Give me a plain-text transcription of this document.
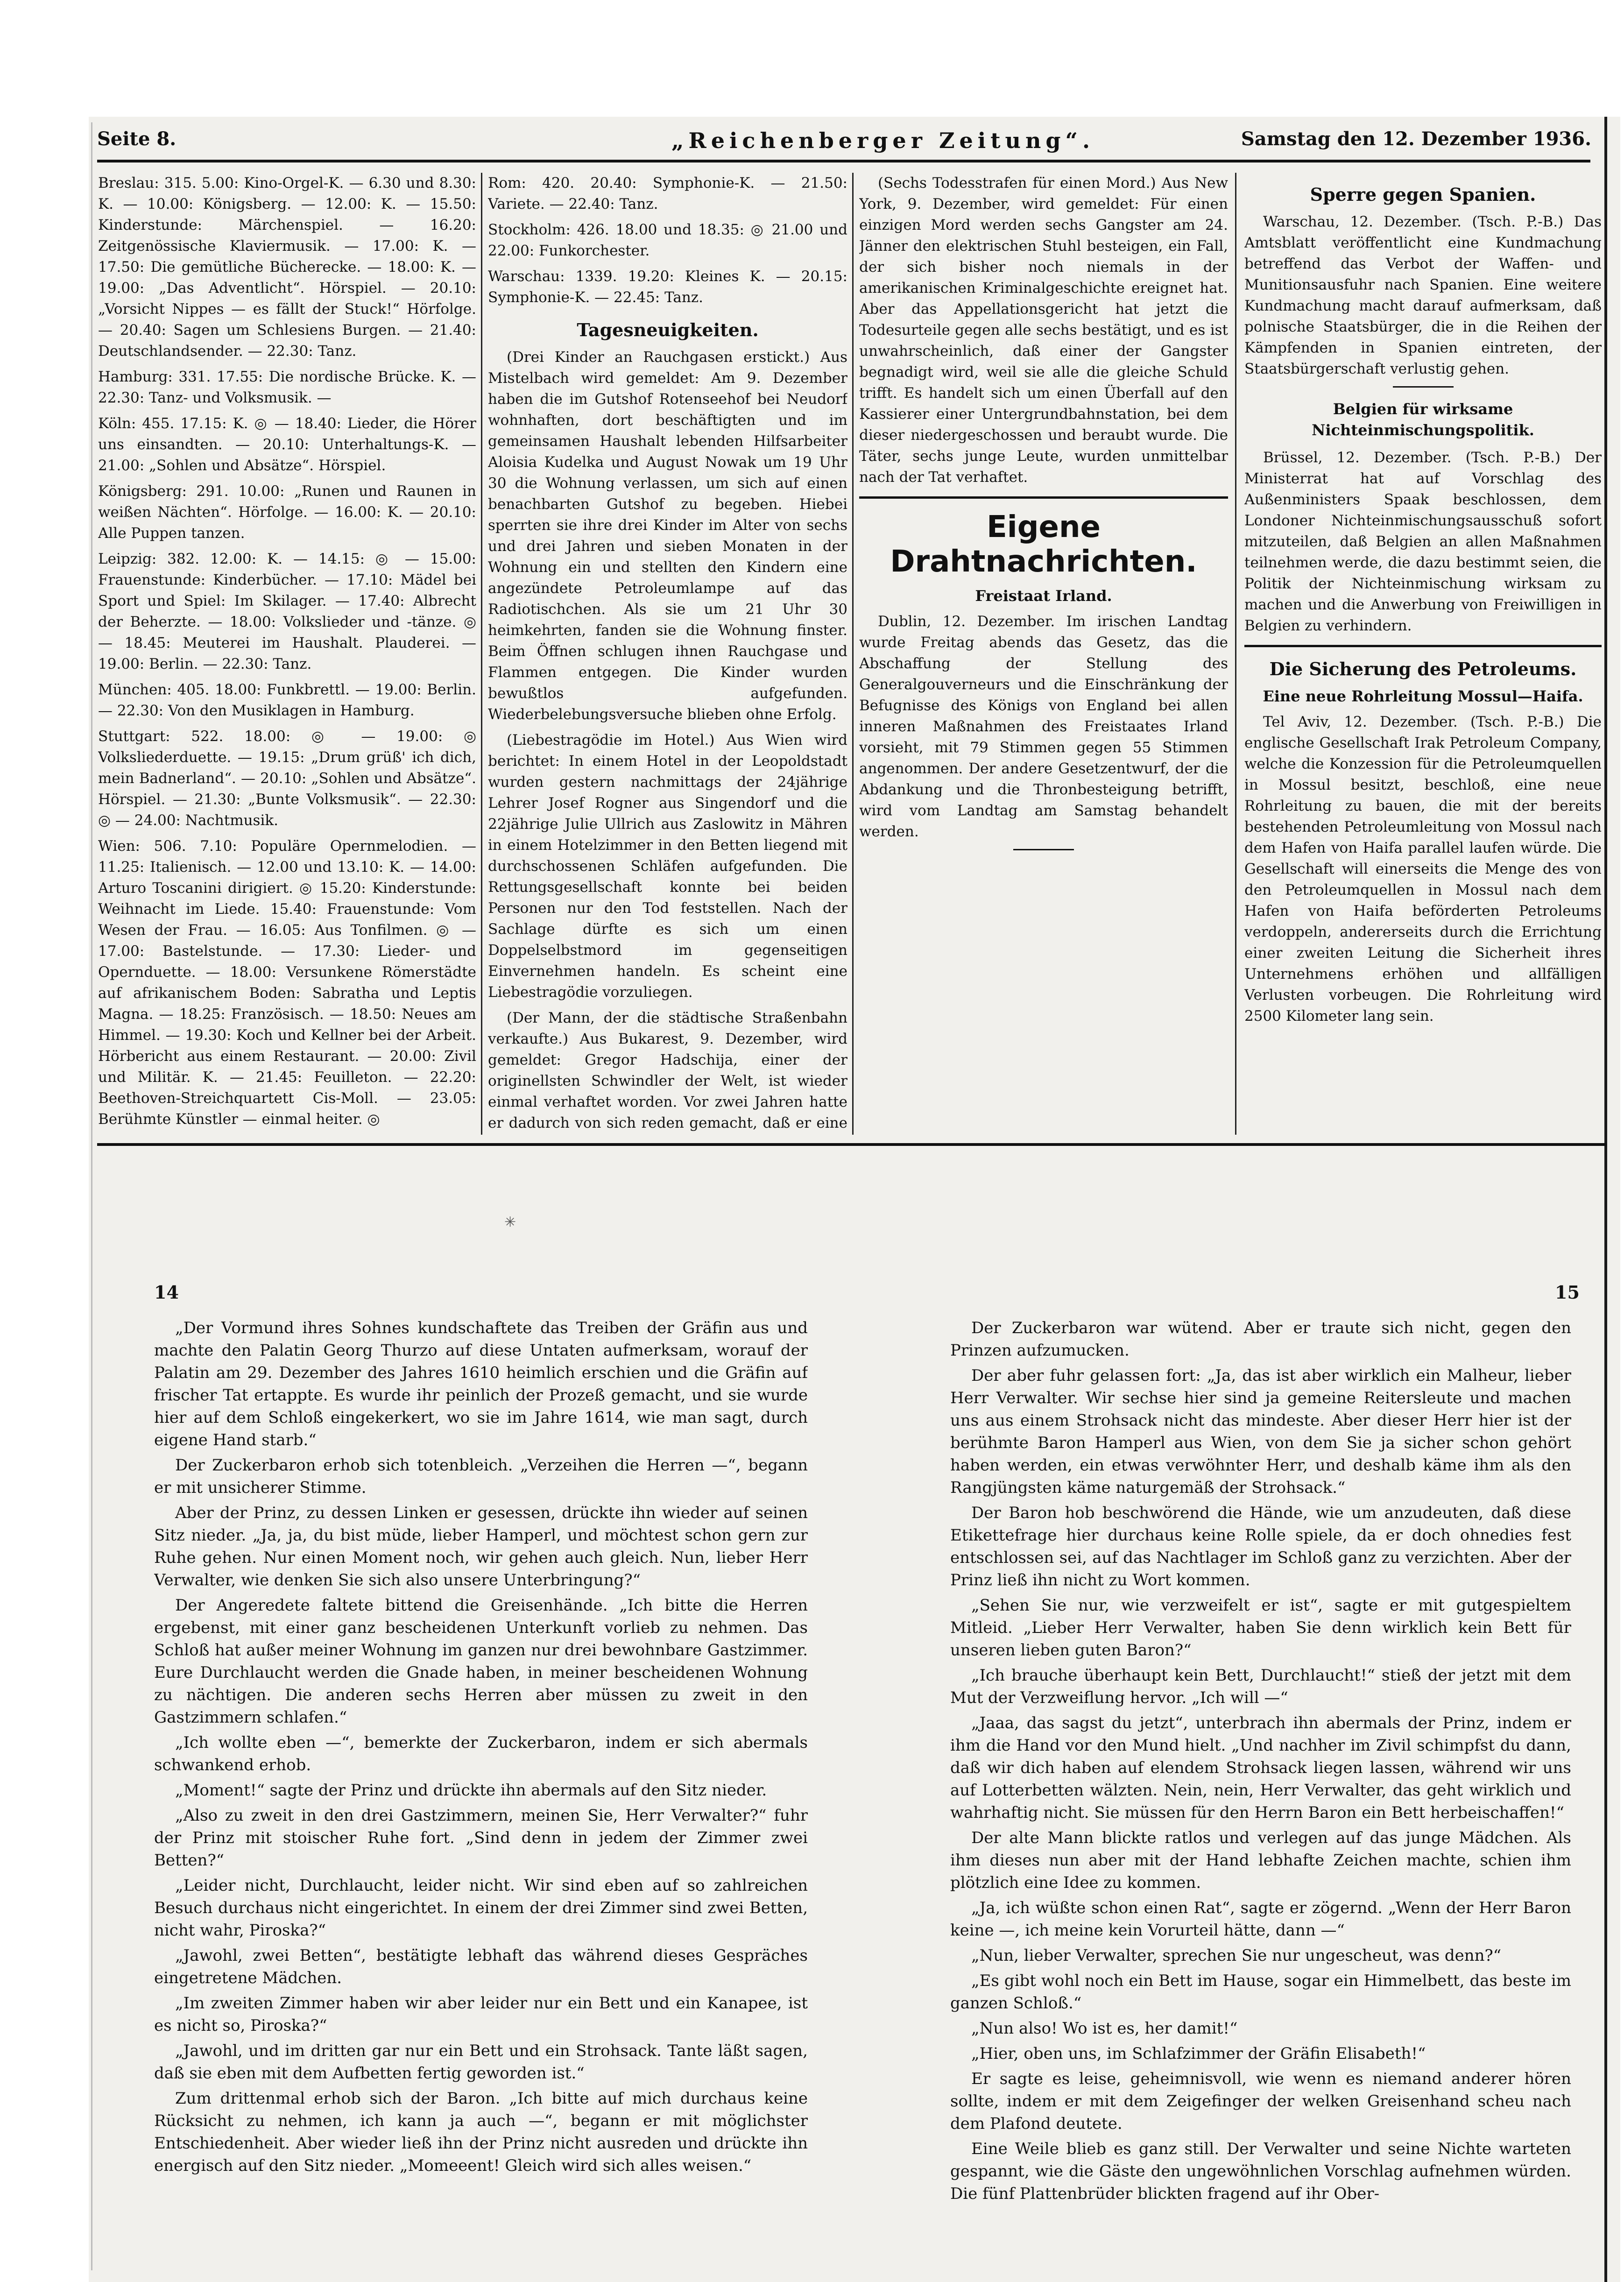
Seite 8.	„Reichenberger Zeitung“.	Samstag den 12. Dezember 1936.

Breslau: 315. 5.00: Kino-Orgel-K. — 6.30 und 8.30: K. — 10.00: Königsberg. — 12.00: K. — 15.50: Kinderstunde: Märchenspiel. — 16.20: Zeitgenössische Klaviermusik. — 17.00: K. — 17.50: Die gemütliche Bücherecke. — 18.00: K. — 19.00: „Das Adventlicht“. Hörspiel. — 20.10: „Vorsicht Nippes — es fällt der Stuck!“ Hörfolge. — 20.40: Sagen um Schlesiens Burgen. — 21.40: Deutschlandsender. — 22.30: Tanz.

Hamburg: 331. 17.55: Die nordische Brücke. K. — 22.30: Tanz- und Volksmusik. —

Köln: 455. 17.15: K. ◎ — 18.40: Lieder, die Hörer uns einsandten. — 20.10: Unterhaltungs-K. — 21.00: „Sohlen und Absätze“. Hörspiel.

Königsberg: 291. 10.00: „Runen und Raunen in weißen Nächten“. Hörfolge. — 16.00: K. — 20.10: Alle Puppen tanzen.

Leipzig: 382. 12.00: K. — 14.15: ◎ — 15.00: Frauenstunde: Kinderbücher. — 17.10: Mädel bei Sport und Spiel: Im Skilager. — 17.40: Albrecht der Beherzte. — 18.00: Volkslieder und -tänze. ◎ — 18.45: Meuterei im Haushalt. Plauderei. — 19.00: Berlin. — 22.30: Tanz.

München: 405. 18.00: Funkbrettl. — 19.00: Berlin. — 22.30: Von den Musiklagen in Hamburg.

Stuttgart: 522. 18.00: ◎ — 19.00: ◎ Volksliederduette. — 19.15: „Drum grüß' ich dich, mein Badnerland“. — 20.10: „Sohlen und Absätze“. Hörspiel. — 21.30: „Bunte Volksmusik“. — 22.30: ◎ — 24.00: Nachtmusik.

Wien: 506. 7.10: Populäre Opernmelodien. — 11.25: Italienisch. — 12.00 und 13.10: K. — 14.00: Arturo Toscanini dirigiert. ◎ 15.20: Kinderstunde: Weihnacht im Liede. 15.40: Frauenstunde: Vom Wesen der Frau. — 16.05: Aus Tonfilmen. ◎ — 17.00: Bastelstunde. — 17.30: Lieder- und Opernduette. — 18.00: Versunkene Römerstädte auf afrikanischem Boden: Sabratha und Leptis Magna. — 18.25: Französisch. — 18.50: Neues am Himmel. — 19.30: Koch und Kellner bei der Arbeit. Hörbericht aus einem Restaurant. — 20.00: Zivil und Militär. K. — 21.45: Feuilleton. — 22.20: Beethoven-Streichquartett Cis-Moll. — 23.05: Berühmte Künstler — einmal heiter. ◎

Rom: 420. 20.40: Symphonie-K. — 21.50: Variete. — 22.40: Tanz.

Stockholm: 426. 18.00 und 18.35: ◎ 21.00 und 22.00: Funkorchester.

Warschau: 1339. 19.20: Kleines K. — 20.15: Symphonie-K. — 22.45: Tanz.

Tagesneuigkeiten.

(Drei Kinder an Rauchgasen erstickt.) Aus Mistelbach wird gemeldet: Am 9. Dezember haben die im Gutshof Rotenseehof bei Neudorf wohnhaften, dort beschäftigten und im gemeinsamen Haushalt lebenden Hilfsarbeiter Aloisia Kudelka und August Nowak um 19 Uhr 30 die Wohnung verlassen, um sich auf einen benachbarten Gutshof zu begeben. Hiebei sperrten sie ihre drei Kinder im Alter von sechs und drei Jahren und sieben Monaten in der Wohnung ein und stellten den Kindern eine angezündete Petroleumlampe auf das Radiotischchen. Als sie um 21 Uhr 30 heimkehrten, fanden sie die Wohnung finster. Beim Öffnen schlugen ihnen Rauchgase und Flammen entgegen. Die Kinder wurden bewußtlos aufgefunden. Wiederbelebungsversuche blieben ohne Erfolg.

(Liebestragödie im Hotel.) Aus Wien wird berichtet: In einem Hotel in der Leopoldstadt wurden gestern nachmittags der 24jährige Lehrer Josef Rogner aus Singendorf und die 22jährige Julie Ullrich aus Zaslowitz in Mähren in einem Hotelzimmer in den Betten liegend mit durchschossenen Schläfen aufgefunden. Die Rettungsgesellschaft konnte bei beiden Personen nur den Tod feststellen. Nach der Sachlage dürfte es sich um einen Doppelselbstmord im gegenseitigen Einvernehmen handeln. Es scheint eine Liebestragödie vorzuliegen.

(Der Mann, der die städtische Straßenbahn verkaufte.) Aus Bukarest, 9. Dezember, wird gemeldet: Gregor Hadschija, einer der originellsten Schwindler der Welt, ist wieder einmal verhaftet worden. Vor zwei Jahren hatte er dadurch von sich reden gemacht, daß er eine

(Sechs Todesstrafen für einen Mord.) Aus New York, 9. Dezember, wird gemeldet: Für einen einzigen Mord werden sechs Gangster am 24. Jänner den elektrischen Stuhl besteigen, ein Fall, der sich bisher noch niemals in der amerikanischen Kriminalgeschichte ereignet hat. Aber das Appellationsgericht hat jetzt die Todesurteile gegen alle sechs bestätigt, und es ist unwahrscheinlich, daß einer der Gangster begnadigt wird, weil sie alle die gleiche Schuld trifft. Es handelt sich um einen Überfall auf den Kassierer einer Untergrundbahnstation, bei dem dieser niedergeschossen und beraubt wurde. Die Täter, sechs junge Leute, wurden unmittelbar nach der Tat verhaftet.

Eigene Drahtnachrichten.
Freistaat Irland.

Dublin, 12. Dezember. Im irischen Landtag wurde Freitag abends das Gesetz, das die Abschaffung der Stellung des Generalgouverneurs und die Einschränkung der Befugnisse des Königs von England bei allen inneren Maßnahmen des Freistaates Irland vorsieht, mit 79 Stimmen gegen 55 Stimmen angenommen. Der andere Gesetzentwurf, der die Abdankung und die Thronbesteigung betrifft, wird vom Landtag am Samstag behandelt werden.

Sperre gegen Spanien.

Warschau, 12. Dezember. (Tsch. P.-B.) Das Amtsblatt veröffentlicht eine Kundmachung betreffend das Verbot der Waffen- und Munitionsausfuhr nach Spanien. Eine weitere Kundmachung macht darauf aufmerksam, daß polnische Staatsbürger, die in die Reihen der Kämpfenden in Spanien eintreten, der Staatsbürgerschaft verlustig gehen.

Belgien für wirksame Nichteinmischungspolitik.

Brüssel, 12. Dezember. (Tsch. P.-B.) Der Ministerrat hat auf Vorschlag des Außenministers Spaak beschlossen, dem Londoner Nichteinmischungsausschuß sofort mitzuteilen, daß Belgien an allen Maßnahmen teilnehmen werde, die dazu bestimmt seien, die Politik der Nichteinmischung wirksam zu machen und die Anwerbung von Freiwilligen in Belgien zu verhindern.

Die Sicherung des Petroleums.
Eine neue Rohrleitung Mossul—Haifa.

Tel Aviv, 12. Dezember. (Tsch. P.-B.) Die englische Gesellschaft Irak Petroleum Company, welche die Konzession für die Petroleumquellen in Mossul besitzt, beschloß, eine neue Rohrleitung zu bauen, die mit der bereits bestehenden Petroleumleitung von Mossul nach dem Hafen von Haifa parallel laufen würde. Die Gesellschaft will einerseits die Menge des von den Petroleumquellen in Mossul nach dem Hafen von Haifa beförderten Petroleums verdoppeln, andererseits durch die Errichtung einer zweiten Leitung die Sicherheit ihres Unternehmens erhöhen und allfälligen Verlusten vorbeugen. Die Rohrleitung wird 2500 Kilometer lang sein.

✳
14	15

„Der Vormund ihres Sohnes kundschaftete das Treiben der Gräfin aus und machte den Palatin Georg Thurzo auf diese Untaten aufmerksam, worauf der Palatin am 29. Dezember des Jahres 1610 heimlich erschien und die Gräfin auf frischer Tat ertappte. Es wurde ihr peinlich der Prozeß gemacht, und sie wurde hier auf dem Schloß eingekerkert, wo sie im Jahre 1614, wie man sagt, durch eigene Hand starb.“

Der Zuckerbaron erhob sich totenbleich. „Verzeihen die Herren —“, begann er mit unsicherer Stimme.

Aber der Prinz, zu dessen Linken er gesessen, drückte ihn wieder auf seinen Sitz nieder. „Ja, ja, du bist müde, lieber Hamperl, und möchtest schon gern zur Ruhe gehen. Nur einen Moment noch, wir gehen auch gleich. Nun, lieber Herr Verwalter, wie denken Sie sich also unsere Unterbringung?“

Der Angeredete faltete bittend die Greisenhände. „Ich bitte die Herren ergebenst, mit einer ganz bescheidenen Unterkunft vorlieb zu nehmen. Das Schloß hat außer meiner Wohnung im ganzen nur drei bewohnbare Gastzimmer. Eure Durchlaucht werden die Gnade haben, in meiner bescheidenen Wohnung zu nächtigen. Die anderen sechs Herren aber müssen zu zweit in den Gastzimmern schlafen.“

„Ich wollte eben —“, bemerkte der Zuckerbaron, indem er sich abermals schwankend erhob.

„Moment!“ sagte der Prinz und drückte ihn abermals auf den Sitz nieder.

„Also zu zweit in den drei Gastzimmern, meinen Sie, Herr Verwalter?“ fuhr der Prinz mit stoischer Ruhe fort. „Sind denn in jedem der Zimmer zwei Betten?“

„Leider nicht, Durchlaucht, leider nicht. Wir sind eben auf so zahlreichen Besuch durchaus nicht eingerichtet. In einem der drei Zimmer sind zwei Betten, nicht wahr, Piroska?“

„Jawohl, zwei Betten“, bestätigte lebhaft das während dieses Gespräches eingetretene Mädchen.

„Im zweiten Zimmer haben wir aber leider nur ein Bett und ein Kanapee, ist es nicht so, Piroska?“

„Jawohl, und im dritten gar nur ein Bett und ein Strohsack. Tante läßt sagen, daß sie eben mit dem Aufbetten fertig geworden ist.“

Zum drittenmal erhob sich der Baron. „Ich bitte auf mich durchaus keine Rücksicht zu nehmen, ich kann ja auch —“, begann er mit möglichster Entschiedenheit. Aber wieder ließ ihn der Prinz nicht ausreden und drückte ihn energisch auf den Sitz nieder. „Momeeent! Gleich wird sich alles weisen.“

Der Zuckerbaron war wütend. Aber er traute sich nicht, gegen den Prinzen aufzumucken.

Der aber fuhr gelassen fort: „Ja, das ist aber wirklich ein Malheur, lieber Herr Verwalter. Wir sechse hier sind ja gemeine Reitersleute und machen uns aus einem Strohsack nicht das mindeste. Aber dieser Herr hier ist der berühmte Baron Hamperl aus Wien, von dem Sie ja sicher schon gehört haben werden, ein etwas verwöhnter Herr, und deshalb käme ihm als den Rangjüngsten käme naturgemäß der Strohsack.“

Der Baron hob beschwörend die Hände, wie um anzudeuten, daß diese Etikettefrage hier durchaus keine Rolle spiele, da er doch ohnedies fest entschlossen sei, auf das Nachtlager im Schloß ganz zu verzichten. Aber der Prinz ließ ihn nicht zu Wort kommen.

„Sehen Sie nur, wie verzweifelt er ist“, sagte er mit gutgespieltem Mitleid. „Lieber Herr Verwalter, haben Sie denn wirklich kein Bett für unseren lieben guten Baron?“

„Ich brauche überhaupt kein Bett, Durchlaucht!“ stieß der jetzt mit dem Mut der Verzweiflung hervor. „Ich will —“

„Jaaa, das sagst du jetzt“, unterbrach ihn abermals der Prinz, indem er ihm die Hand vor den Mund hielt. „Und nachher im Zivil schimpfst du dann, daß wir dich haben auf elendem Strohsack liegen lassen, während wir uns auf Lotterbetten wälzten. Nein, nein, Herr Verwalter, das geht wirklich und wahrhaftig nicht. Sie müssen für den Herrn Baron ein Bett herbeischaffen!“

Der alte Mann blickte ratlos und verlegen auf das junge Mädchen. Als ihm dieses nun aber mit der Hand lebhafte Zeichen machte, schien ihm plötzlich eine Idee zu kommen.

„Ja, ich wüßte schon einen Rat“, sagte er zögernd. „Wenn der Herr Baron keine —, ich meine kein Vorurteil hätte, dann —“

„Nun, lieber Verwalter, sprechen Sie nur ungescheut, was denn?“

„Es gibt wohl noch ein Bett im Hause, sogar ein Himmelbett, das beste im ganzen Schloß.“

„Nun also! Wo ist es, her damit!“

„Hier, oben uns, im Schlafzimmer der Gräfin Elisabeth!“

Er sagte es leise, geheimnisvoll, wie wenn es niemand anderer hören sollte, indem er mit dem Zeigefinger der welken Greisenhand scheu nach dem Plafond deutete.

Eine Weile blieb es ganz still. Der Verwalter und seine Nichte warteten gespannt, wie die Gäste den ungewöhnlichen Vorschlag aufnehmen würden. Die fünf Plattenbrüder blickten fragend auf ihr Ober-
